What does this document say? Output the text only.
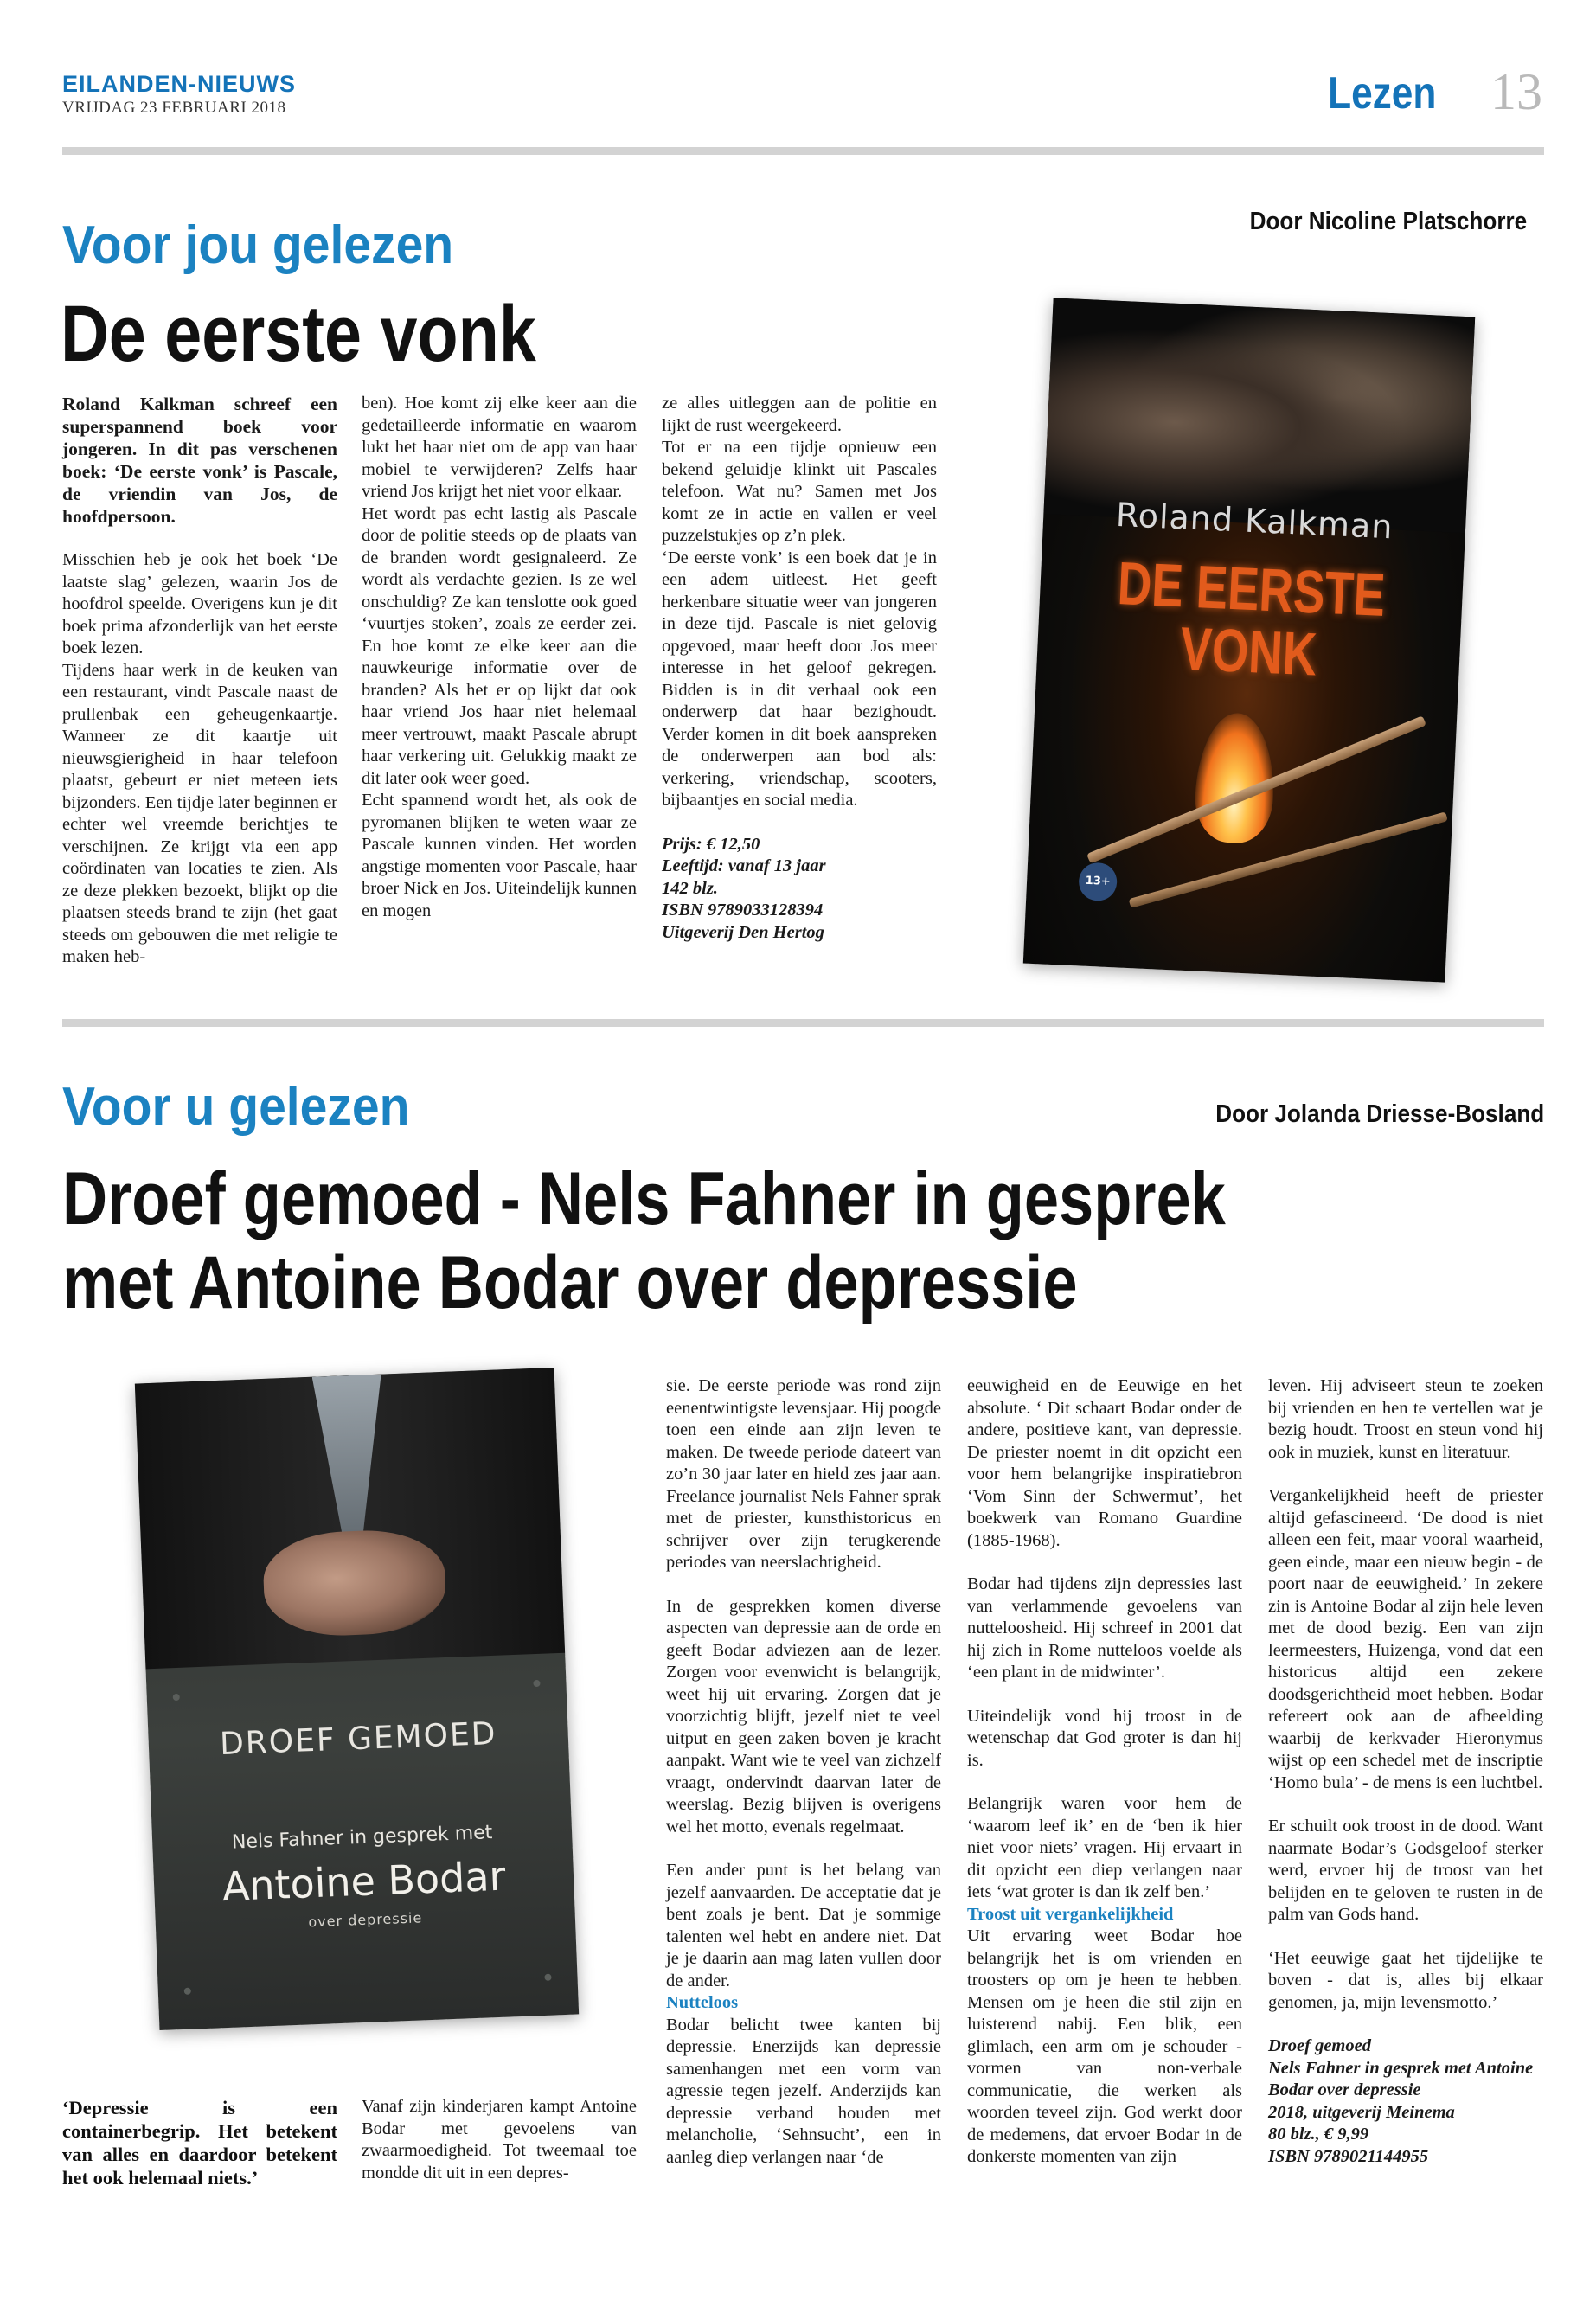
EILANDEN-NIEUWS
VRIJDAG 23 FEBRUARI 2018	Lezen 13
Voor jou gelezen	Door Nicoline Platschorre
De eerste vonk

Roland Kalkman schreef een superspannend boek voor jongeren. In dit pas verschenen boek: ‘De eerste vonk’ is Pascale, de vriendin van Jos, de hoofdpersoon.

Misschien heb je ook het boek ‘De laatste slag’ gelezen, waarin Jos de hoofdrol speelde. Overigens kun je dit boek prima afzonderlijk van het eerste boek lezen.

Tijdens haar werk in de keuken van een restaurant, vindt Pascale naast de prullenbak een geheugenkaartje. Wanneer ze dit kaartje uit nieuwsgierigheid in haar telefoon plaatst, gebeurt er niet meteen iets bijzonders. Een tijdje later beginnen er echter wel vreemde berichtjes te verschijnen. Ze krijgt via een app coördinaten van locaties te zien. Als ze deze plekken bezoekt, blijkt op die plaatsen steeds brand te zijn (het gaat steeds om gebouwen die met religie te maken heb-

ben). Hoe komt zij elke keer aan die gedetailleerde informatie en waarom lukt het haar niet om de app van haar mobiel te verwijderen? Zelfs haar vriend Jos krijgt het niet voor elkaar.

Het wordt pas echt lastig als Pascale door de politie steeds op de plaats van de branden wordt gesignaleerd. Ze wordt als verdachte gezien. Is ze wel onschuldig? Ze kan tenslotte ook goed ‘vuurtjes stoken’, zoals ze eerder zei. En hoe komt ze elke keer aan die nauwkeurige informatie over de branden? Als het er op lijkt dat ook haar vriend Jos haar niet helemaal meer vertrouwt, maakt Pascale abrupt haar verkering uit. Gelukkig maakt ze dit later ook weer goed.

Echt spannend wordt het, als ook de pyromanen blijken te weten waar ze Pascale kunnen vinden. Het worden angstige momenten voor Pascale, haar broer Nick en Jos. Uiteindelijk kunnen en mogen

ze alles uitleggen aan de politie en lijkt de rust weergekeerd.

Tot er na een tijdje opnieuw een bekend geluidje klinkt uit Pascales telefoon. Wat nu? Samen met Jos komt ze in actie en vallen er veel puzzelstukjes op z’n plek.

‘De eerste vonk’ is een boek dat je in een adem uitleest. Het geeft herkenbare situatie weer van jongeren in deze tijd. Pascale is niet gelovig opgevoed, maar heeft door Jos meer interesse in het geloof gekregen. Bidden is in dit verhaal ook een onderwerp dat haar bezighoudt. Verder komen in dit boek aanspreken de onderwerpen aan bod als: verkering, vriendschap, scooters, bijbaantjes en social media.

Prijs: € 12,50
Leeftijd: vanaf 13 jaar
142 blz.
ISBN 9789033128394
Uitgeverij Den Hertog
Roland Kalkman
DE EERSTE
VONK
13+
Voor u gelezen	Door Jolanda Driesse-Bosland
Droef gemoed - Nels Fahner in gesprek
met Antoine Bodar over depressie
DROEF GEMOED
Nels Fahner in gesprek met
Antoine Bodar
over depressie
‘Depressie is een containerbegrip. Het betekent van alles en daardoor betekent het ook helemaal niets.’

Vanaf zijn kinderjaren kampt Antoine Bodar met gevoelens van zwaarmoedigheid. Tot tweemaal toe mondde dit uit in een depres-

sie. De eerste periode was rond zijn eenentwintigste levensjaar. Hij poogde toen een einde aan zijn leven te maken. De tweede periode dateert van zo’n 30 jaar later en hield zes jaar aan. Freelance journalist Nels Fahner sprak met de priester, kunsthistoricus en schrijver over zijn terugkerende periodes van neerslachtigheid.

In de gesprekken komen diverse aspecten van depressie aan de orde en geeft Bodar adviezen aan de lezer. Zorgen voor evenwicht is belangrijk, weet hij uit ervaring. Zorgen dat je voorzichtig blijft, jezelf niet te veel uitput en geen zaken boven je kracht aanpakt. Want wie te veel van zichzelf vraagt, ondervindt daarvan later de weerslag. Bezig blijven is overigens wel het motto, evenals regelmaat.

Een ander punt is het belang van jezelf aanvaarden. De acceptatie dat je bent zoals je bent. Dat je sommige talenten wel hebt en andere niet. Dat je je daarin aan mag laten vullen door de ander.

Nutteloos

Bodar belicht twee kanten bij depressie. Enerzijds kan depressie samenhangen met een vorm van agressie tegen jezelf. Anderzijds kan depressie verband houden met melancholie, ‘Sehnsucht’, een in aanleg diep verlangen naar ‘de

eeuwigheid en de Eeuwige en het absolute. ‘ Dit schaart Bodar onder de andere, positieve kant, van depressie. De priester noemt in dit opzicht een voor hem belangrijke inspiratiebron ‘Vom Sinn der Schwermut’, het boekwerk van Romano Guardine (1885-1968).

Bodar had tijdens zijn depressies last van verlammende gevoelens van nutteloosheid. Hij schreef in 2001 dat hij zich in Rome nutteloos voelde als ‘een plant in de midwinter’.

Uiteindelijk vond hij troost in de wetenschap dat God groter is dan hij is.

Belangrijk waren voor hem de ‘waarom leef ik’ en de ‘ben ik hier niet voor niets’ vragen. Hij ervaart in dit opzicht een diep verlangen naar iets ‘wat groter is dan ik zelf ben.’

Troost uit vergankelijkheid

Uit ervaring weet Bodar hoe belangrijk het is om vrienden en troosters op om je heen te hebben. Mensen om je heen die stil zijn en luisterend nabij. Een blik, een glimlach, een arm om je schouder - vormen van non-verbale communicatie, die werken als woorden teveel zijn. God werkt door de medemens, dat ervoer Bodar in de donkerste momenten van zijn

leven. Hij adviseert steun te zoeken bij vrienden en hen te vertellen wat je bezig houdt. Troost en steun vond hij ook in muziek, kunst en literatuur.

Vergankelijkheid heeft de priester altijd gefascineerd. ‘De dood is niet alleen een feit, maar vooral waarheid, geen einde, maar een nieuw begin - de poort naar de eeuwigheid.’ In zekere zin is Antoine Bodar al zijn hele leven met de dood bezig. Een van zijn leermeesters, Huizenga, vond dat een historicus altijd een zekere doodsgerichtheid moet hebben. Bodar refereert ook aan de afbeelding waarbij de kerkvader Hieronymus wijst op een schedel met de inscriptie ‘Homo bula’ - de mens is een luchtbel.

Er schuilt ook troost in de dood. Want naarmate Bodar’s Godsgeloof sterker werd, ervoer hij de troost van het belijden en te geloven te rusten in de palm van Gods hand.

‘Het eeuwige gaat het tijdelijke te boven - dat is, alles bij elkaar genomen, ja, mijn levensmotto.’

Droef gemoed
Nels Fahner in gesprek met Antoine Bodar over depressie
2018, uitgeverij Meinema
80 blz., € 9,99
ISBN 9789021144955
